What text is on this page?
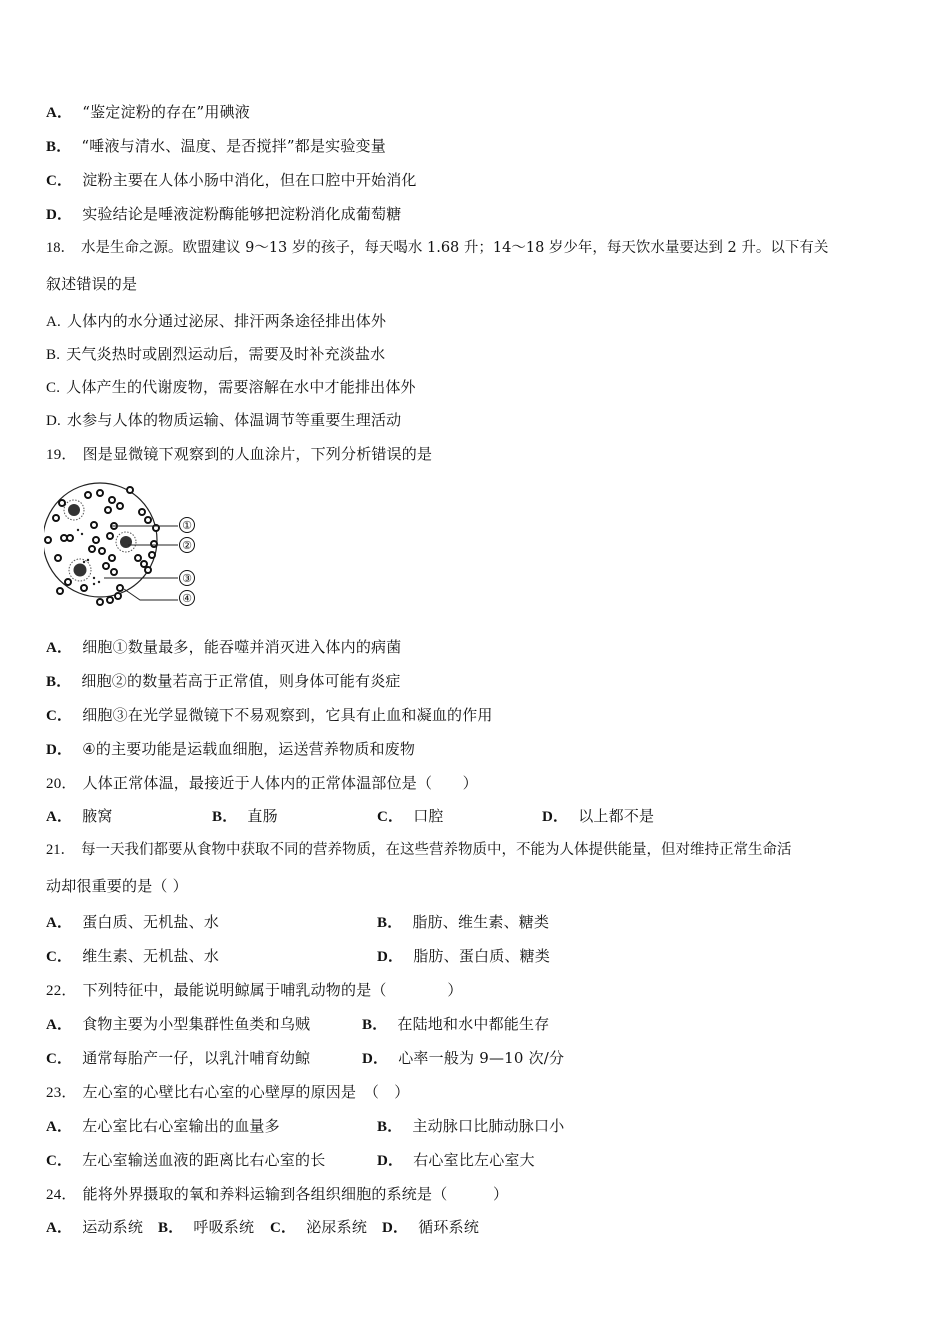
A． “鉴定淀粉的存在”用碘液
B． “唾液与清水、温度、是否搅拌”都是实验变量
C． 淀粉主要在人体小肠中消化，但在口腔中开始消化
D． 实验结论是唾液淀粉酶能够把淀粉消化成葡萄糖
18． 水是生命之源。欧盟建议 9～13 岁的孩子，每天喝水 1.68 升；14～18 岁少年，每天饮水量要达到 2 升。以下有关
叙述错误的是
A. 人体内的水分通过泌尿、排汗两条途径排出体外
B. 天气炎热时或剧烈运动后，需要及时补充淡盐水
C. 人体产生的代谢废物，需要溶解在水中才能排出体外
D. 水参与人体的物质运输、体温调节等重要生理活动
19． 图是显微镜下观察到的人血涂片，下列分析错误的是
①
②
③
④
A． 细胞①数量最多，能吞噬并消灭进入体内的病菌
B． 细胞②的数量若高于正常值，则身体可能有炎症
C． 细胞③在光学显微镜下不易观察到，它具有止血和凝血的作用
D． ④的主要功能是运载血细胞，运送营养物质和废物
20． 人体正常体温，最接近于人体内的正常体温部位是（　　）
A． 腋窝	B． 直肠	C． 口腔	D． 以上都不是
21． 每一天我们都要从食物中获取不同的营养物质，在这些营养物质中，不能为人体提供能量，但对维持正常生命活
动却很重要的是（ ）
A． 蛋白质、无机盐、水	B． 脂肪、维生素、糖类
C． 维生素、无机盐、水	D． 脂肪、蛋白质、糖类
22． 下列特征中，最能说明鲸属于哺乳动物的是（　　　　）
A． 食物主要为小型集群性鱼类和乌贼	B． 在陆地和水中都能生存
C． 通常每胎产一仔，以乳汁哺育幼鲸	D． 心率一般为 9—10 次/分
23． 左心室的心壁比右心室的心壁厚的原因是　（　）
A． 左心室比右心室输出的血量多	B． 主动脉口比肺动脉口小
C． 左心室输送血液的距离比右心室的长	D． 右心室比左心室大
24． 能将外界摄取的氧和养料运输到各组织细胞的系统是（　　　）
A． 运动系统 B． 呼吸系统 C． 泌尿系统 D． 循环系统
